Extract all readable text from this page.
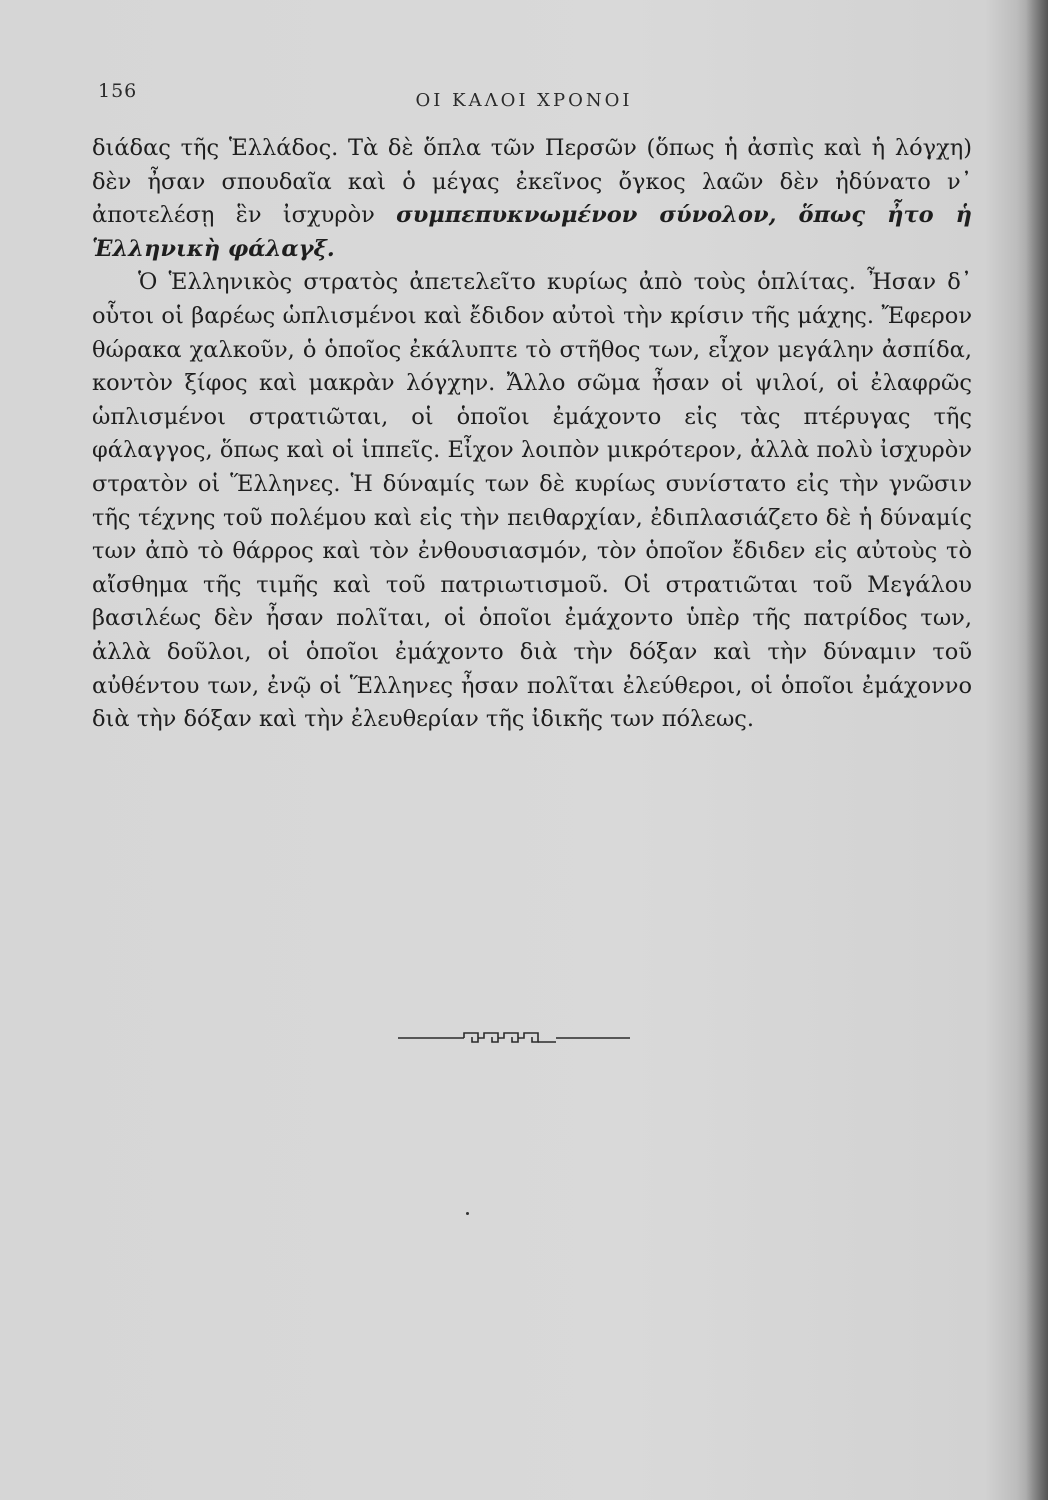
156	ΟΙ ΚΑΛΟΙ ΧΡΟΝΟΙ

διάδας τῆς Ἑλλάδος. Τὰ δὲ ὅπλα τῶν Περσῶν (ὅπως ἡ ἀσπὶς καὶ ἡ λόγχη) δὲν ἦσαν σπουδαῖα καὶ ὁ μέγας ἐκεῖνος ὄγκος λαῶν δὲν ἠδύνατο ν᾽ ἀποτελέσῃ ἓν ἰσχυρὸν συμπεπυκνωμένον σύνολον, ὅπως ἦτο ἡ Ἑλληνικὴ φάλαγξ.

Ὁ Ἑλληνικὸς στρατὸς ἀπετελεῖτο κυρίως ἀπὸ τοὺς ὁπλίτας. Ἦσαν δ᾽ οὗτοι οἱ βαρέως ὡπλισμένοι καὶ ἔδιδον αὐτοὶ τὴν κρίσιν τῆς μάχης. Ἔφερον θώρακα χαλκοῦν, ὁ ὁποῖος ἐκάλυπτε τὸ στῆθος των, εἶχον μεγάλην ἀσπίδα, κοντὸν ξίφος καὶ μακρὰν λόγχην. Ἄλλο σῶμα ἦσαν οἱ ψιλοί, οἱ ἐλαφρῶς ὡπλισμένοι στρατιῶται, οἱ ὁποῖοι ἐμάχοντο εἰς τὰς πτέρυγας τῆς φάλαγγος, ὅπως καὶ οἱ ἱππεῖς. Εἶχον λοιπὸν μικρότερον, ἀλλὰ πολὺ ἰσχυρὸν στρατὸν οἱ Ἕλληνες. Ἡ δύναμίς των δὲ κυρίως συνίστατο εἰς τὴν γνῶσιν τῆς τέχνης τοῦ πολέμου καὶ εἰς τὴν πειθαρχίαν, ἐδιπλασιάζετο δὲ ἡ δύναμίς των ἀπὸ τὸ θάρρος καὶ τὸν ἐνθουσιασμόν, τὸν ὁποῖον ἔδιδεν εἰς αὐτοὺς τὸ αἴσθημα τῆς τιμῆς καὶ τοῦ πατριωτισμοῦ. Οἱ στρατιῶται τοῦ Μεγάλου βασιλέως δὲν ἦσαν πολῖται, οἱ ὁποῖοι ἐμάχοντο ὑπὲρ τῆς πατρίδος των, ἀλλὰ δοῦλοι, οἱ ὁποῖοι ἐμάχοντο διὰ τὴν δόξαν καὶ τὴν δύναμιν τοῦ αὐθέντου των, ἐνῷ οἱ Ἕλληνες ἦσαν πολῖται ἐλεύθεροι, οἱ ὁποῖοι ἐμάχοννο διὰ τὴν δόξαν καὶ τὴν ἐλευθερίαν τῆς ἰδικῆς των πόλεως.
